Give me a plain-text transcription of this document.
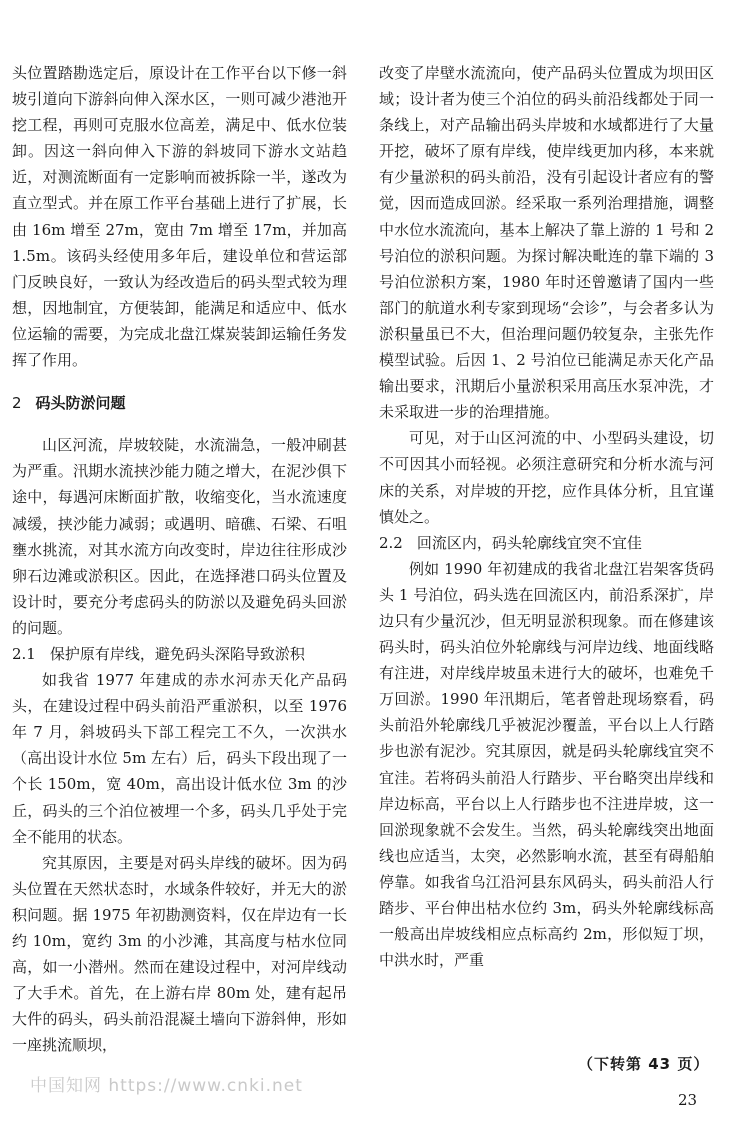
头位置踏勘选定后，原设计在工作平台以下修一斜坡引道向下游斜向伸入深水区，一则可减少港池开挖工程，再则可克服水位高差，满足中、低水位装卸。因这一斜向伸入下游的斜坡同下游水文站趋近，对测流断面有一定影响而被拆除一半，遂改为直立型式。并在原工作平台基础上进行了扩展，长由 16m 增至 27m，宽由 7m 增至 17m，并加高 1.5m。该码头经使用多年后，建设单位和营运部门反映良好，一致认为经改造后的码头型式较为理想，因地制宜，方便装卸，能满足和适应中、低水位运输的需要，为完成北盘江煤炭装卸运输任务发挥了作用。

2 码头防淤问题

山区河流，岸坡较陡，水流湍急，一般冲刷甚为严重。汛期水流挟沙能力随之增大，在泥沙俱下途中，每遇河床断面扩散，收缩变化，当水流速度减缓，挟沙能力减弱；或遇明、暗礁、石梁、石咀壅水挑流，对其水流方向改变时，岸边往往形成沙卵石边滩或淤积区。因此，在选择港口码头位置及设计时，要充分考虑码头的防淤以及避免码头回淤的问题。

2.1 保护原有岸线，避免码头深陷导致淤积

如我省 1977 年建成的赤水河赤天化产品码头，在建设过程中码头前沿严重淤积，以至 1976 年 7 月，斜坡码头下部工程完工不久，一次洪水（高出设计水位 5m 左右）后，码头下段出现了一个长 150m，宽 40m，高出设计低水位 3m 的沙丘，码头的三个泊位被埋一个多，码头几乎处于完全不能用的状态。

究其原因，主要是对码头岸线的破坏。因为码头位置在天然状态时，水域条件较好，并无大的淤积问题。据 1975 年初勘测资料，仅在岸边有一长约 10m，宽约 3m 的小沙滩，其高度与枯水位同高，如一小潜州。然而在建设过程中，对河岸线动了大手术。首先，在上游右岸 80m 处，建有起吊大件的码头，码头前沿混凝土墙向下游斜伸，形如一座挑流顺坝，

改变了岸壁水流流向，使产品码头位置成为坝田区域；设计者为使三个泊位的码头前沿线都处于同一条线上，对产品输出码头岸坡和水域都进行了大量开挖，破坏了原有岸线，使岸线更加内移，本来就有少量淤积的码头前沿，没有引起设计者应有的警觉，因而造成回淤。经采取一系列治理措施，调整中水位水流流向，基本上解决了靠上游的 1 号和 2 号泊位的淤积问题。为探讨解决毗连的靠下端的 3 号泊位淤积方案，1980 年时还曾邀请了国内一些部门的航道水利专家到现场“会诊”，与会者多认为淤积量虽已不大，但治理问题仍较复杂，主张先作模型试验。后因 1、2 号泊位已能满足赤天化产品输出要求，汛期后小量淤积采用高压水泵冲洗，才未采取进一步的治理措施。

可见，对于山区河流的中、小型码头建设，切不可因其小而轻视。必须注意研究和分析水流与河床的关系，对岸坡的开挖，应作具体分析，且宜谨慎处之。

2.2 回流区内，码头轮廓线宜突不宜佳

例如 1990 年初建成的我省北盘江岩架客货码头 1 号泊位，码头选在回流区内，前沿系深扩，岸边只有少量沉沙，但无明显淤积现象。而在修建该码头时，码头泊位外轮廓线与河岸边线、地面线略有注进，对岸线岸坡虽未进行大的破坏，也难免千万回淤。1990 年汛期后，笔者曾赴现场察看，码头前沿外轮廓线几乎被泥沙覆盖，平台以上人行踏步也淤有泥沙。究其原因，就是码头轮廓线宜突不宜洼。若将码头前沿人行踏步、平台略突出岸线和岸边标高，平台以上人行踏步也不注进岸坡，这一回淤现象就不会发生。当然，码头轮廓线突出地面线也应适当，太突，必然影响水流，甚至有碍船舶停靠。如我省乌江沿河县东风码头，码头前沿人行踏步、平台伸出枯水位约 3m，码头外轮廓线标高一般高出岸坡线相应点标高约 2m，形似短丁坝，中洪水时，严重

（下转第 43 页）
23
中国知网 https://www.cnki.net
